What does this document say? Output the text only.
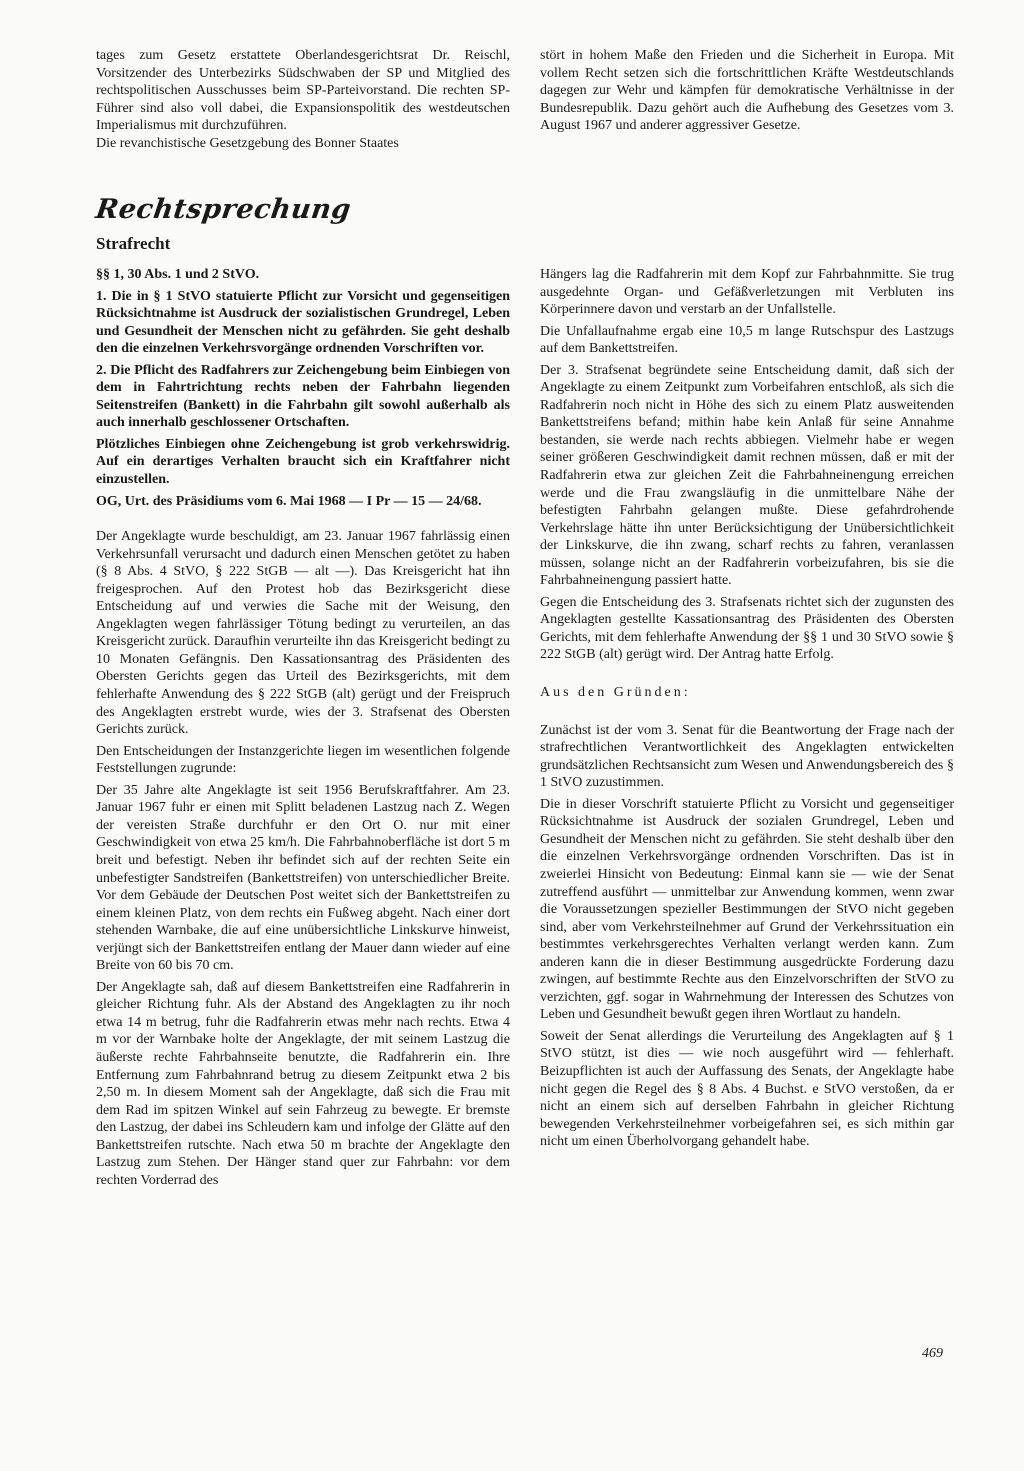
tages zum Gesetz erstattete Oberlandesgerichtsrat Dr. Reischl, Vorsitzender des Unterbezirks Südschwaben der SP und Mitglied des rechtspolitischen Ausschusses beim SP-Parteivorstand. Die rechten SP-Führer sind also voll dabei, die Expansionspolitik des westdeutschen Imperialismus mit durchzuführen.

Die revanchistische Gesetzgebung des Bonner Staates

stört in hohem Maße den Frieden und die Sicherheit in Europa. Mit vollem Recht setzen sich die fortschrittlichen Kräfte Westdeutschlands dagegen zur Wehr und kämpfen für demokratische Verhältnisse in der Bundesrepublik. Dazu gehört auch die Aufhebung des Gesetzes vom 3. August 1967 und anderer aggressiver Gesetze.

Rechtsprechung
Strafrecht

§§ 1, 30 Abs. 1 und 2 StVO.

1. Die in § 1 StVO statuierte Pflicht zur Vorsicht und gegenseitigen Rücksichtnahme ist Ausdruck der sozialistischen Grundregel, Leben und Gesundheit der Menschen nicht zu gefährden. Sie geht deshalb den die einzelnen Verkehrsvorgänge ordnenden Vorschriften vor.

2. Die Pflicht des Radfahrers zur Zeichengebung beim Einbiegen von dem in Fahrtrichtung rechts neben der Fahrbahn liegenden Seitenstreifen (Bankett) in die Fahrbahn gilt sowohl außerhalb als auch innerhalb geschlossener Ortschaften.

Plötzliches Einbiegen ohne Zeichengebung ist grob verkehrswidrig. Auf ein derartiges Verhalten braucht sich ein Kraftfahrer nicht einzustellen.

OG, Urt. des Präsidiums vom 6. Mai 1968 — I Pr — 15 — 24/68.

Der Angeklagte wurde beschuldigt, am 23. Januar 1967 fahrlässig einen Verkehrsunfall verursacht und dadurch einen Menschen getötet zu haben (§ 8 Abs. 4 StVO, § 222 StGB — alt —). Das Kreisgericht hat ihn freigesprochen. Auf den Protest hob das Bezirksgericht diese Entscheidung auf und verwies die Sache mit der Weisung, den Angeklagten wegen fahrlässiger Tötung bedingt zu verurteilen, an das Kreisgericht zurück. Daraufhin verurteilte ihn das Kreisgericht bedingt zu 10 Monaten Gefängnis. Den Kassationsantrag des Präsidenten des Obersten Gerichts gegen das Urteil des Bezirksgerichts, mit dem fehlerhafte Anwendung des § 222 StGB (alt) gerügt und der Freispruch des Angeklagten erstrebt wurde, wies der 3. Strafsenat des Obersten Gerichts zurück.

Den Entscheidungen der Instanzgerichte liegen im wesentlichen folgende Feststellungen zugrunde:

Der 35 Jahre alte Angeklagte ist seit 1956 Berufskraftfahrer. Am 23. Januar 1967 fuhr er einen mit Splitt beladenen Lastzug nach Z. Wegen der vereisten Straße durchfuhr er den Ort O. nur mit einer Geschwindigkeit von etwa 25 km/h. Die Fahrbahnoberfläche ist dort 5 m breit und befestigt. Neben ihr befindet sich auf der rechten Seite ein unbefestigter Sandstreifen (Bankettstreifen) von unterschiedlicher Breite. Vor dem Gebäude der Deutschen Post weitet sich der Bankettstreifen zu einem kleinen Platz, von dem rechts ein Fußweg abgeht. Nach einer dort stehenden Warnbake, die auf eine unübersichtliche Linkskurve hinweist, verjüngt sich der Bankettstreifen entlang der Mauer dann wieder auf eine Breite von 60 bis 70 cm.

Der Angeklagte sah, daß auf diesem Bankettstreifen eine Radfahrerin in gleicher Richtung fuhr. Als der Abstand des Angeklagten zu ihr noch etwa 14 m betrug, fuhr die Radfahrerin etwas mehr nach rechts. Etwa 4 m vor der Warnbake holte der Angeklagte, der mit seinem Lastzug die äußerste rechte Fahrbahnseite benutzte, die Radfahrerin ein. Ihre Entfernung zum Fahrbahnrand betrug zu diesem Zeitpunkt etwa 2 bis 2,50 m. In diesem Moment sah der Angeklagte, daß sich die Frau mit dem Rad im spitzen Winkel auf sein Fahrzeug zu bewegte. Er bremste den Lastzug, der dabei ins Schleudern kam und infolge der Glätte auf den Bankettstreifen rutschte. Nach etwa 50 m brachte der Angeklagte den Lastzug zum Stehen. Der Hänger stand quer zur Fahrbahn: vor dem rechten Vorderrad des

Hängers lag die Radfahrerin mit dem Kopf zur Fahrbahnmitte. Sie trug ausgedehnte Organ- und Gefäßverletzungen mit Verbluten ins Körperinnere davon und verstarb an der Unfallstelle.

Die Unfallaufnahme ergab eine 10,5 m lange Rutschspur des Lastzugs auf dem Bankettstreifen.

Der 3. Strafsenat begründete seine Entscheidung damit, daß sich der Angeklagte zu einem Zeitpunkt zum Vorbeifahren entschloß, als sich die Radfahrerin noch nicht in Höhe des sich zu einem Platz ausweitenden Bankettstreifens befand; mithin habe kein Anlaß für seine Annahme bestanden, sie werde nach rechts abbiegen. Vielmehr habe er wegen seiner größeren Geschwindigkeit damit rechnen müssen, daß er mit der Radfahrerin etwa zur gleichen Zeit die Fahrbahneinengung erreichen werde und die Frau zwangsläufig in die unmittelbare Nähe der befestigten Fahrbahn gelangen mußte. Diese gefahrdrohende Verkehrslage hätte ihn unter Berücksichtigung der Unübersichtlichkeit der Linkskurve, die ihn zwang, scharf rechts zu fahren, veranlassen müssen, solange nicht an der Radfahrerin vorbeizufahren, bis sie die Fahrbahneinengung passiert hatte.

Gegen die Entscheidung des 3. Strafsenats richtet sich der zugunsten des Angeklagten gestellte Kassationsantrag des Präsidenten des Obersten Gerichts, mit dem fehlerhafte Anwendung der §§ 1 und 30 StVO sowie § 222 StGB (alt) gerügt wird. Der Antrag hatte Erfolg.

Aus den Gründen:

Zunächst ist der vom 3. Senat für die Beantwortung der Frage nach der strafrechtlichen Verantwortlichkeit des Angeklagten entwickelten grundsätzlichen Rechtsansicht zum Wesen und Anwendungsbereich des § 1 StVO zuzustimmen.

Die in dieser Vorschrift statuierte Pflicht zu Vorsicht und gegenseitiger Rücksichtnahme ist Ausdruck der sozialen Grundregel, Leben und Gesundheit der Menschen nicht zu gefährden. Sie steht deshalb über den die einzelnen Verkehrsvorgänge ordnenden Vorschriften. Das ist in zweierlei Hinsicht von Bedeutung: Einmal kann sie — wie der Senat zutreffend ausführt — unmittelbar zur Anwendung kommen, wenn zwar die Voraussetzungen spezieller Bestimmungen der StVO nicht gegeben sind, aber vom Verkehrsteilnehmer auf Grund der Verkehrssituation ein bestimmtes verkehrsgerechtes Verhalten verlangt werden kann. Zum anderen kann die in dieser Bestimmung ausgedrückte Forderung dazu zwingen, auf bestimmte Rechte aus den Einzelvorschriften der StVO zu verzichten, ggf. sogar in Wahrnehmung der Interessen des Schutzes von Leben und Gesundheit bewußt gegen ihren Wortlaut zu handeln.

Soweit der Senat allerdings die Verurteilung des Angeklagten auf § 1 StVO stützt, ist dies — wie noch ausgeführt wird — fehlerhaft. Beizupflichten ist auch der Auffassung des Senats, der Angeklagte habe nicht gegen die Regel des § 8 Abs. 4 Buchst. e StVO verstoßen, da er nicht an einem sich auf derselben Fahrbahn in gleicher Richtung bewegenden Verkehrsteilnehmer vorbeigefahren sei, es sich mithin gar nicht um einen Überholvorgang gehandelt habe.

469
